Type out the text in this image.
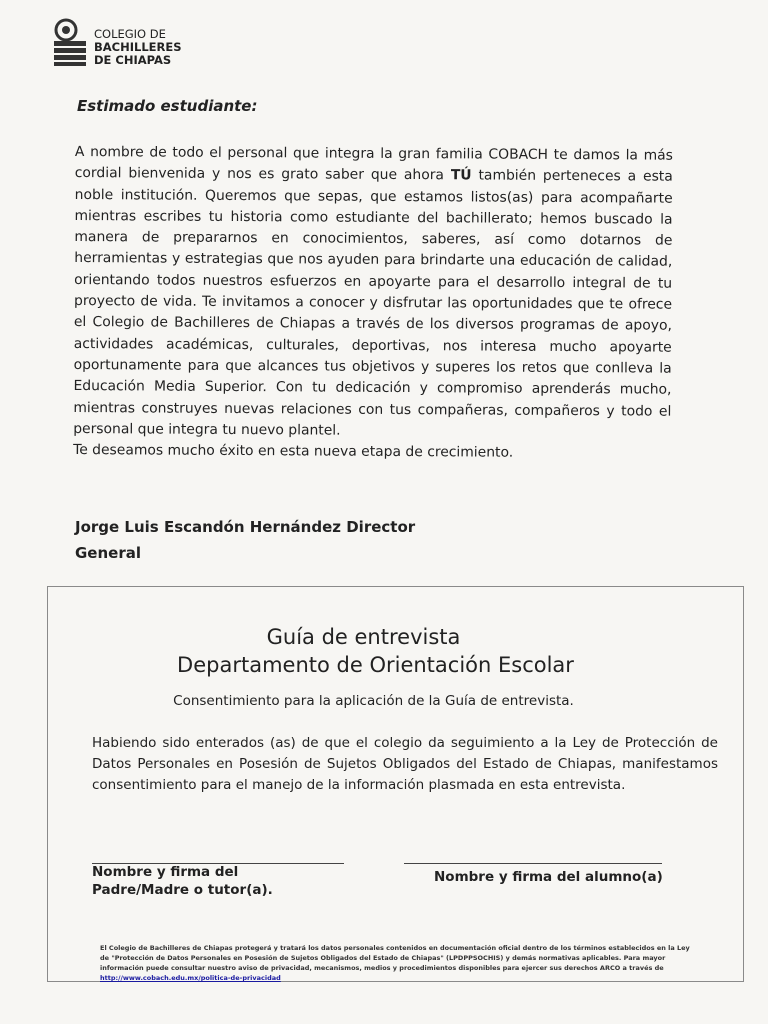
COLEGIO DE
BACHILLERES
DE CHIAPAS
Estimado estudiante:

A nombre de todo el personal que integra la gran familia COBACH te damos la más cordial bienvenida y nos es grato saber que ahora TÚ también perteneces a esta noble institución. Queremos que sepas, que estamos listos(as) para acompañarte mientras escribes tu historia como estudiante del bachillerato; hemos buscado la manera de prepararnos en conocimientos, saberes, así como dotarnos de herramientas y estrategias que nos ayuden para brindarte una educación de calidad, orientando todos nuestros esfuerzos en apoyarte para el desarrollo integral de tu proyecto de vida. Te invitamos a conocer y disfrutar las oportunidades que te ofrece el Colegio de Bachilleres de Chiapas a través de los diversos programas de apoyo, actividades académicas, culturales, deportivas, nos interesa mucho apoyarte oportunamente para que alcances tus objetivos y superes los retos que conlleva la Educación Media Superior. Con tu dedicación y compromiso aprenderás mucho, mientras construyes nuevas relaciones con tus compañeras, compañeros y todo el personal que integra tu nuevo plantel.

Te deseamos mucho éxito en esta nueva etapa de crecimiento.

Jorge Luis Escandón Hernández Director
General
Guía de entrevista
Departamento de Orientación Escolar
Consentimiento para la aplicación de la Guía de entrevista.
Habiendo sido enterados (as) de que el colegio da seguimiento a la Ley de Protección de Datos Personales en Posesión de Sujetos Obligados del Estado de Chiapas, manifestamos consentimiento para el manejo de la información plasmada en esta entrevista.
Nombre y firma del
Padre/Madre o tutor(a).
Nombre y firma del alumno(a)
El Colegio de Bachilleres de Chiapas protegerá y tratará los datos personales contenidos en documentación oficial dentro de los términos establecidos en la Ley de "Protección de Datos Personales en Posesión de Sujetos Obligados del Estado de Chiapas" (LPDPPSOCHIS) y demás normativas aplicables. Para mayor información puede consultar nuestro aviso de privacidad, mecanismos, medios y procedimientos disponibles para ejercer sus derechos ARCO a través de http://www.cobach.edu.mx/politica-de-privacidad
